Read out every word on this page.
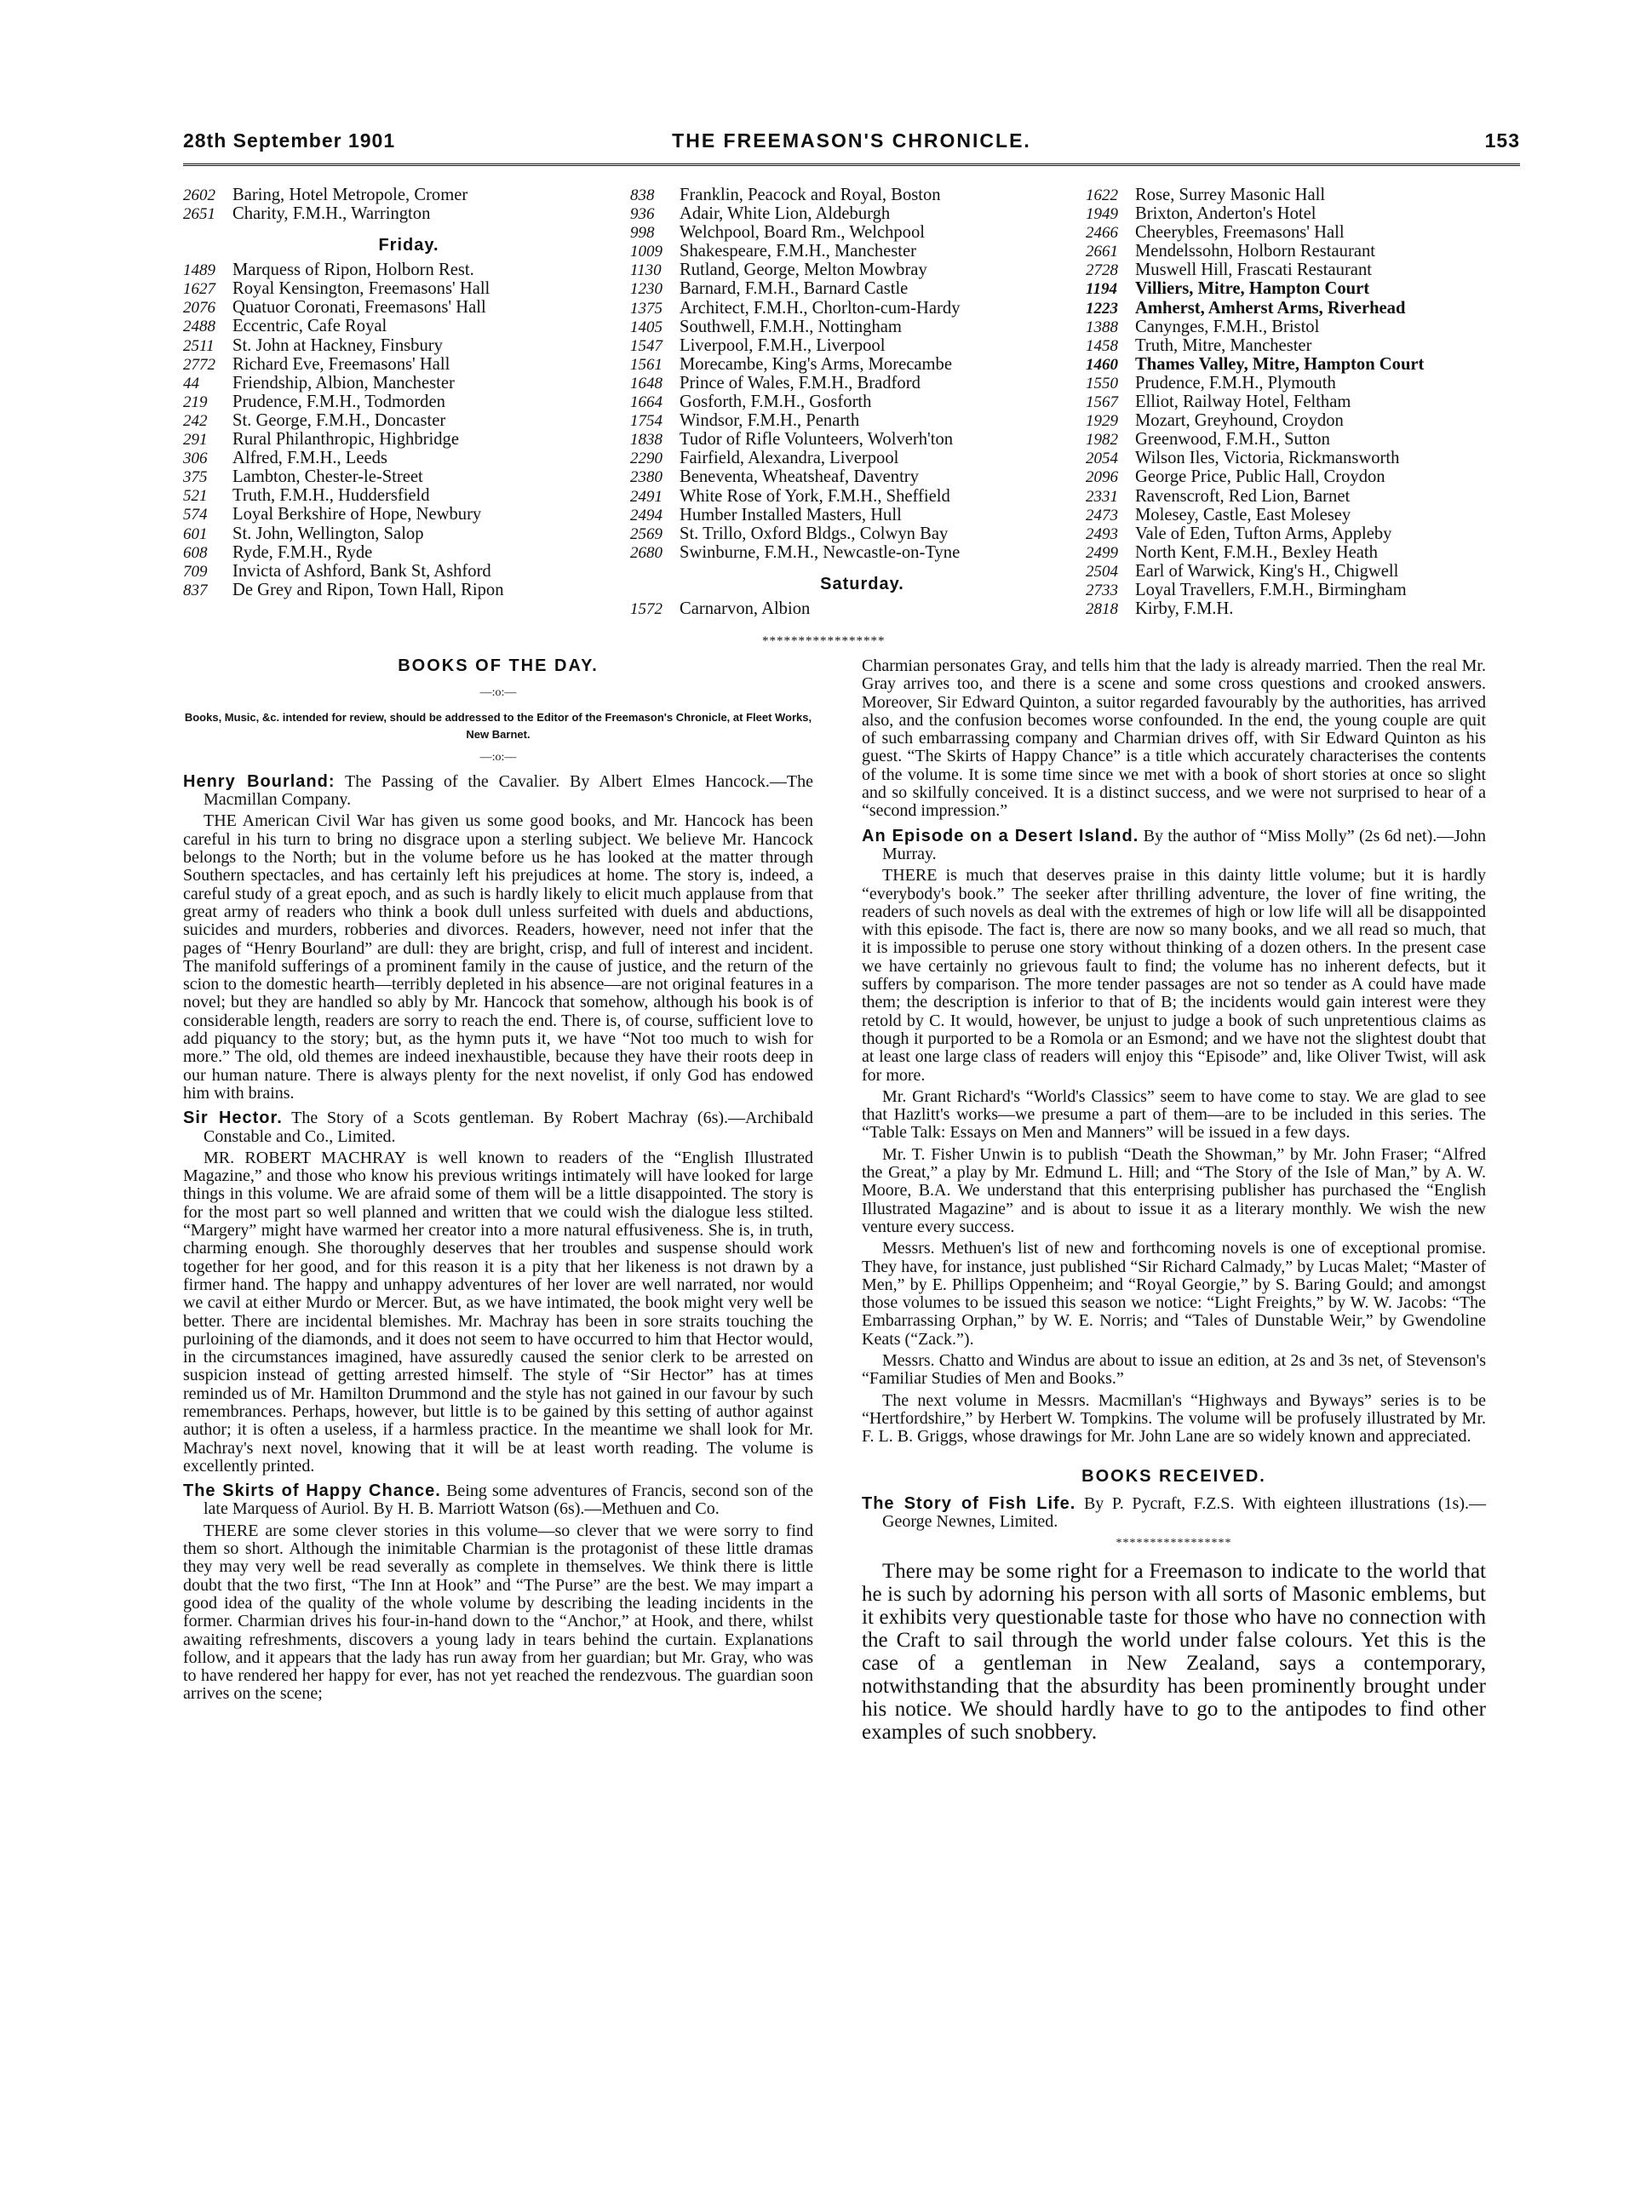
28th September 1901	THE FREEMASON'S CHRONICLE.	153
2602 Baring, Hotel Metropole, Cromer
2651 Charity, F.M.H., Warrington
Friday.
1489 Marquess of Ripon, Holborn Rest.
1627 Royal Kensington, Freemasons' Hall
2076 Quatuor Coronati, Freemasons' Hall
2488 Eccentric, Cafe Royal
2511 St. John at Hackney, Finsbury
2772 Richard Eve, Freemasons' Hall
44 Friendship, Albion, Manchester
219 Prudence, F.M.H., Todmorden
242 St. George, F.M.H., Doncaster
291 Rural Philanthropic, Highbridge
306 Alfred, F.M.H., Leeds
375 Lambton, Chester-le-Street
521 Truth, F.M.H., Huddersfield
574 Loyal Berkshire of Hope, Newbury
601 St. John, Wellington, Salop
608 Ryde, F.M.H., Ryde
709 Invicta of Ashford, Bank St, Ashford
837 De Grey and Ripon, Town Hall, Ripon
838 Franklin, Peacock and Royal, Boston
936 Adair, White Lion, Aldeburgh
998 Welchpool, Board Rm., Welchpool
1009 Shakespeare, F.M.H., Manchester
1130 Rutland, George, Melton Mowbray
1230 Barnard, F.M.H., Barnard Castle
1375 Architect, F.M.H., Chorlton-cum-Hardy
1405 Southwell, F.M.H., Nottingham
1547 Liverpool, F.M.H., Liverpool
1561 Morecambe, King's Arms, Morecambe
1648 Prince of Wales, F.M.H., Bradford
1664 Gosforth, F.M.H., Gosforth
1754 Windsor, F.M.H., Penarth
1838 Tudor of Rifle Volunteers, Wolverh'ton
2290 Fairfield, Alexandra, Liverpool
2380 Beneventa, Wheatsheaf, Daventry
2491 White Rose of York, F.M.H., Sheffield
2494 Humber Installed Masters, Hull
2569 St. Trillo, Oxford Bldgs., Colwyn Bay
2680 Swinburne, F.M.H., Newcastle-on-Tyne
Saturday.
1572 Carnarvon, Albion
1622 Rose, Surrey Masonic Hall
1949 Brixton, Anderton's Hotel
2466 Cheerybles, Freemasons' Hall
2661 Mendelssohn, Holborn Restaurant
2728 Muswell Hill, Frascati Restaurant
1194 Villiers, Mitre, Hampton Court
1223 Amherst, Amherst Arms, Riverhead
1388 Canynges, F.M.H., Bristol
1458 Truth, Mitre, Manchester
1460 Thames Valley, Mitre, Hampton Court
1550 Prudence, F.M.H., Plymouth
1567 Elliot, Railway Hotel, Feltham
1929 Mozart, Greyhound, Croydon
1982 Greenwood, F.M.H., Sutton
2054 Wilson Iles, Victoria, Rickmansworth
2096 George Price, Public Hall, Croydon
2331 Ravenscroft, Red Lion, Barnet
2473 Molesey, Castle, East Molesey
2493 Vale of Eden, Tufton Arms, Appleby
2499 North Kent, F.M.H., Bexley Heath
2504 Earl of Warwick, King's H., Chigwell
2733 Loyal Travellers, F.M.H., Birmingham
2818 Kirby, F.M.H.
*****************
BOOKS OF THE DAY.
—:o:—
Books, Music, &c. intended for review, should be addressed to the Editor of the Freemason's Chronicle, at Fleet Works, New Barnet.
—:o:—

Henry Bourland: The Passing of the Cavalier. By Albert Elmes Hancock.—The Macmillan Company.

THE American Civil War has given us some good books, and Mr. Hancock has been careful in his turn to bring no disgrace upon a sterling subject. We believe Mr. Hancock belongs to the North; but in the volume before us he has looked at the matter through Southern spectacles, and has certainly left his prejudices at home. The story is, indeed, a careful study of a great epoch, and as such is hardly likely to elicit much applause from that great army of readers who think a book dull unless surfeited with duels and abductions, suicides and murders, robberies and divorces. Readers, however, need not infer that the pages of “Henry Bourland” are dull: they are bright, crisp, and full of interest and incident. The manifold sufferings of a prominent family in the cause of justice, and the return of the scion to the domestic hearth—terribly depleted in his absence—are not original features in a novel; but they are handled so ably by Mr. Hancock that somehow, although his book is of considerable length, readers are sorry to reach the end. There is, of course, sufficient love to add piquancy to the story; but, as the hymn puts it, we have “Not too much to wish for more.” The old, old themes are indeed inexhaustible, because they have their roots deep in our human nature. There is always plenty for the next novelist, if only God has endowed him with brains.

Sir Hector. The Story of a Scots gentleman. By Robert Machray (6s).—Archibald Constable and Co., Limited.

MR. ROBERT MACHRAY is well known to readers of the “English Illustrated Magazine,” and those who know his previous writings intimately will have looked for large things in this volume. We are afraid some of them will be a little disappointed. The story is for the most part so well planned and written that we could wish the dialogue less stilted. “Margery” might have warmed her creator into a more natural effusiveness. She is, in truth, charming enough. She thoroughly deserves that her troubles and suspense should work together for her good, and for this reason it is a pity that her likeness is not drawn by a firmer hand. The happy and unhappy adventures of her lover are well narrated, nor would we cavil at either Murdo or Mercer. But, as we have intimated, the book might very well be better. There are incidental blemishes. Mr. Machray has been in sore straits touching the purloining of the diamonds, and it does not seem to have occurred to him that Hector would, in the circumstances imagined, have assuredly caused the senior clerk to be arrested on suspicion instead of getting arrested himself. The style of “Sir Hector” has at times reminded us of Mr. Hamilton Drummond and the style has not gained in our favour by such remembrances. Perhaps, however, but little is to be gained by this setting of author against author; it is often a useless, if a harmless practice. In the meantime we shall look for Mr. Machray's next novel, knowing that it will be at least worth reading. The volume is excellently printed.

The Skirts of Happy Chance. Being some adventures of Francis, second son of the late Marquess of Auriol. By H. B. Marriott Watson (6s).—Methuen and Co.

THERE are some clever stories in this volume—so clever that we were sorry to find them so short. Although the inimitable Charmian is the protagonist of these little dramas they may very well be read severally as complete in themselves. We think there is little doubt that the two first, “The Inn at Hook” and “The Purse” are the best. We may impart a good idea of the quality of the whole volume by describing the leading incidents in the former. Charmian drives his four-in-hand down to the “Anchor,” at Hook, and there, whilst awaiting refreshments, discovers a young lady in tears behind the curtain. Explanations follow, and it appears that the lady has run away from her guardian; but Mr. Gray, who was to have rendered her happy for ever, has not yet reached the rendezvous. The guardian soon arrives on the scene;

Charmian personates Gray, and tells him that the lady is already married. Then the real Mr. Gray arrives too, and there is a scene and some cross questions and crooked answers. Moreover, Sir Edward Quinton, a suitor regarded favourably by the authorities, has arrived also, and the confusion becomes worse confounded. In the end, the young couple are quit of such embarrassing company and Charmian drives off, with Sir Edward Quinton as his guest. “The Skirts of Happy Chance” is a title which accurately characterises the contents of the volume. It is some time since we met with a book of short stories at once so slight and so skilfully conceived. It is a distinct success, and we were not surprised to hear of a “second impression.”

An Episode on a Desert Island. By the author of “Miss Molly” (2s 6d net).—John Murray.

THERE is much that deserves praise in this dainty little volume; but it is hardly “everybody's book.” The seeker after thrilling adventure, the lover of fine writing, the readers of such novels as deal with the extremes of high or low life will all be disappointed with this episode. The fact is, there are now so many books, and we all read so much, that it is impossible to peruse one story without thinking of a dozen others. In the present case we have certainly no grievous fault to find; the volume has no inherent defects, but it suffers by comparison. The more tender passages are not so tender as A could have made them; the description is inferior to that of B; the incidents would gain interest were they retold by C. It would, however, be unjust to judge a book of such unpretentious claims as though it purported to be a Romola or an Esmond; and we have not the slightest doubt that at least one large class of readers will enjoy this “Episode” and, like Oliver Twist, will ask for more.

Mr. Grant Richard's “World's Classics” seem to have come to stay. We are glad to see that Hazlitt's works—we presume a part of them—are to be included in this series. The “Table Talk: Essays on Men and Manners” will be issued in a few days.

Mr. T. Fisher Unwin is to publish “Death the Showman,” by Mr. John Fraser; “Alfred the Great,” a play by Mr. Edmund L. Hill; and “The Story of the Isle of Man,” by A. W. Moore, B.A. We understand that this enterprising publisher has purchased the “English Illustrated Magazine” and is about to issue it as a literary monthly. We wish the new venture every success.

Messrs. Methuen's list of new and forthcoming novels is one of exceptional promise. They have, for instance, just published “Sir Richard Calmady,” by Lucas Malet; “Master of Men,” by E. Phillips Oppenheim; and “Royal Georgie,” by S. Baring Gould; and amongst those volumes to be issued this season we notice: “Light Freights,” by W. W. Jacobs: “The Embarrassing Orphan,” by W. E. Norris; and “Tales of Dunstable Weir,” by Gwendoline Keats (“Zack.”).

Messrs. Chatto and Windus are about to issue an edition, at 2s and 3s net, of Stevenson's “Familiar Studies of Men and Books.”

The next volume in Messrs. Macmillan's “Highways and Byways” series is to be “Hertfordshire,” by Herbert W. Tompkins. The volume will be profusely illustrated by Mr. F. L. B. Griggs, whose drawings for Mr. John Lane are so widely known and appreciated.

BOOKS RECEIVED.

The Story of Fish Life. By P. Pycraft, F.Z.S. With eighteen illustrations (1s).—George Newnes, Limited.

*****************

There may be some right for a Freemason to indicate to the world that he is such by adorning his person with all sorts of Masonic emblems, but it exhibits very questionable taste for those who have no connection with the Craft to sail through the world under false colours. Yet this is the case of a gentleman in New Zealand, says a contemporary, notwithstanding that the absurdity has been prominently brought under his notice. We should hardly have to go to the antipodes to find other examples of such snobbery.
